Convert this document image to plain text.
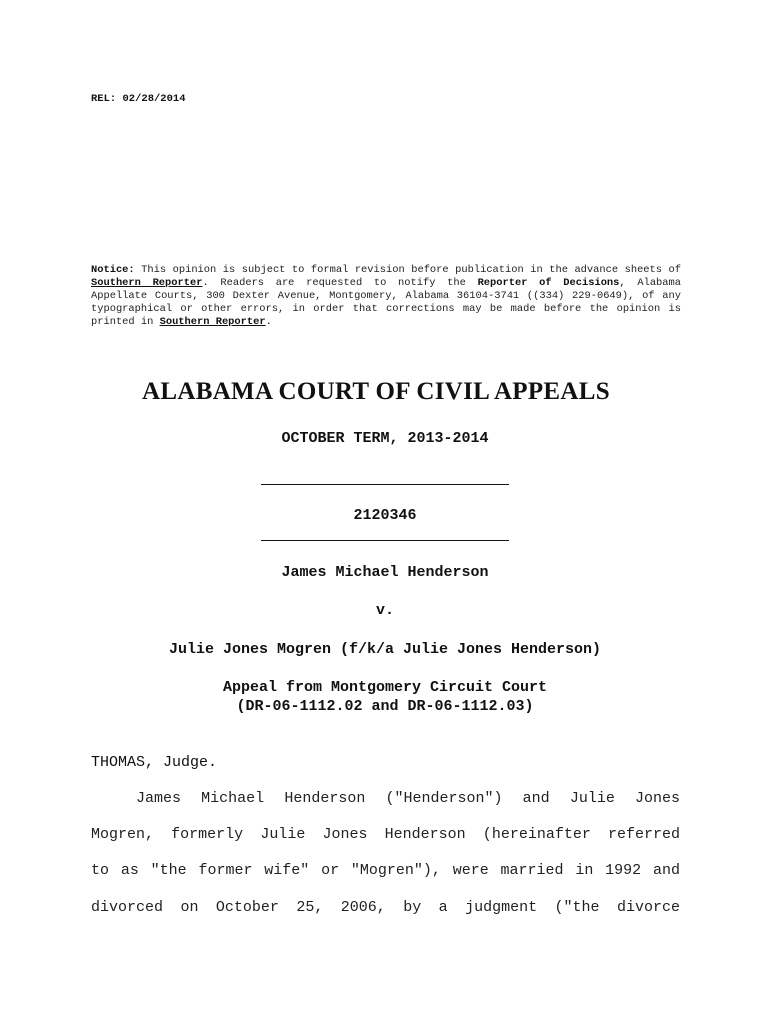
REL: 02/28/2014
Notice: This opinion is subject to formal revision before publication in the advance sheets of Southern Reporter. Readers are requested to notify the Reporter of Decisions, Alabama Appellate Courts, 300 Dexter Avenue, Montgomery, Alabama 36104-3741 ((334) 229-0649), of any typographical or other errors, in order that corrections may be made before the opinion is printed in Southern Reporter.
ALABAMA COURT OF CIVIL APPEALS
OCTOBER TERM, 2013-2014
2120346
James Michael Henderson
v.
Julie Jones Mogren (f/k/a Julie Jones Henderson)
Appeal from Montgomery Circuit Court
(DR-06-1112.02 and DR-06-1112.03)
THOMAS, Judge.
James Michael Henderson ("Henderson") and Julie Jones
Mogren, formerly Julie Jones Henderson (hereinafter referred
to as "the former wife" or "Mogren"), were married in 1992 and
divorced on October 25, 2006, by a judgment ("the divorce
